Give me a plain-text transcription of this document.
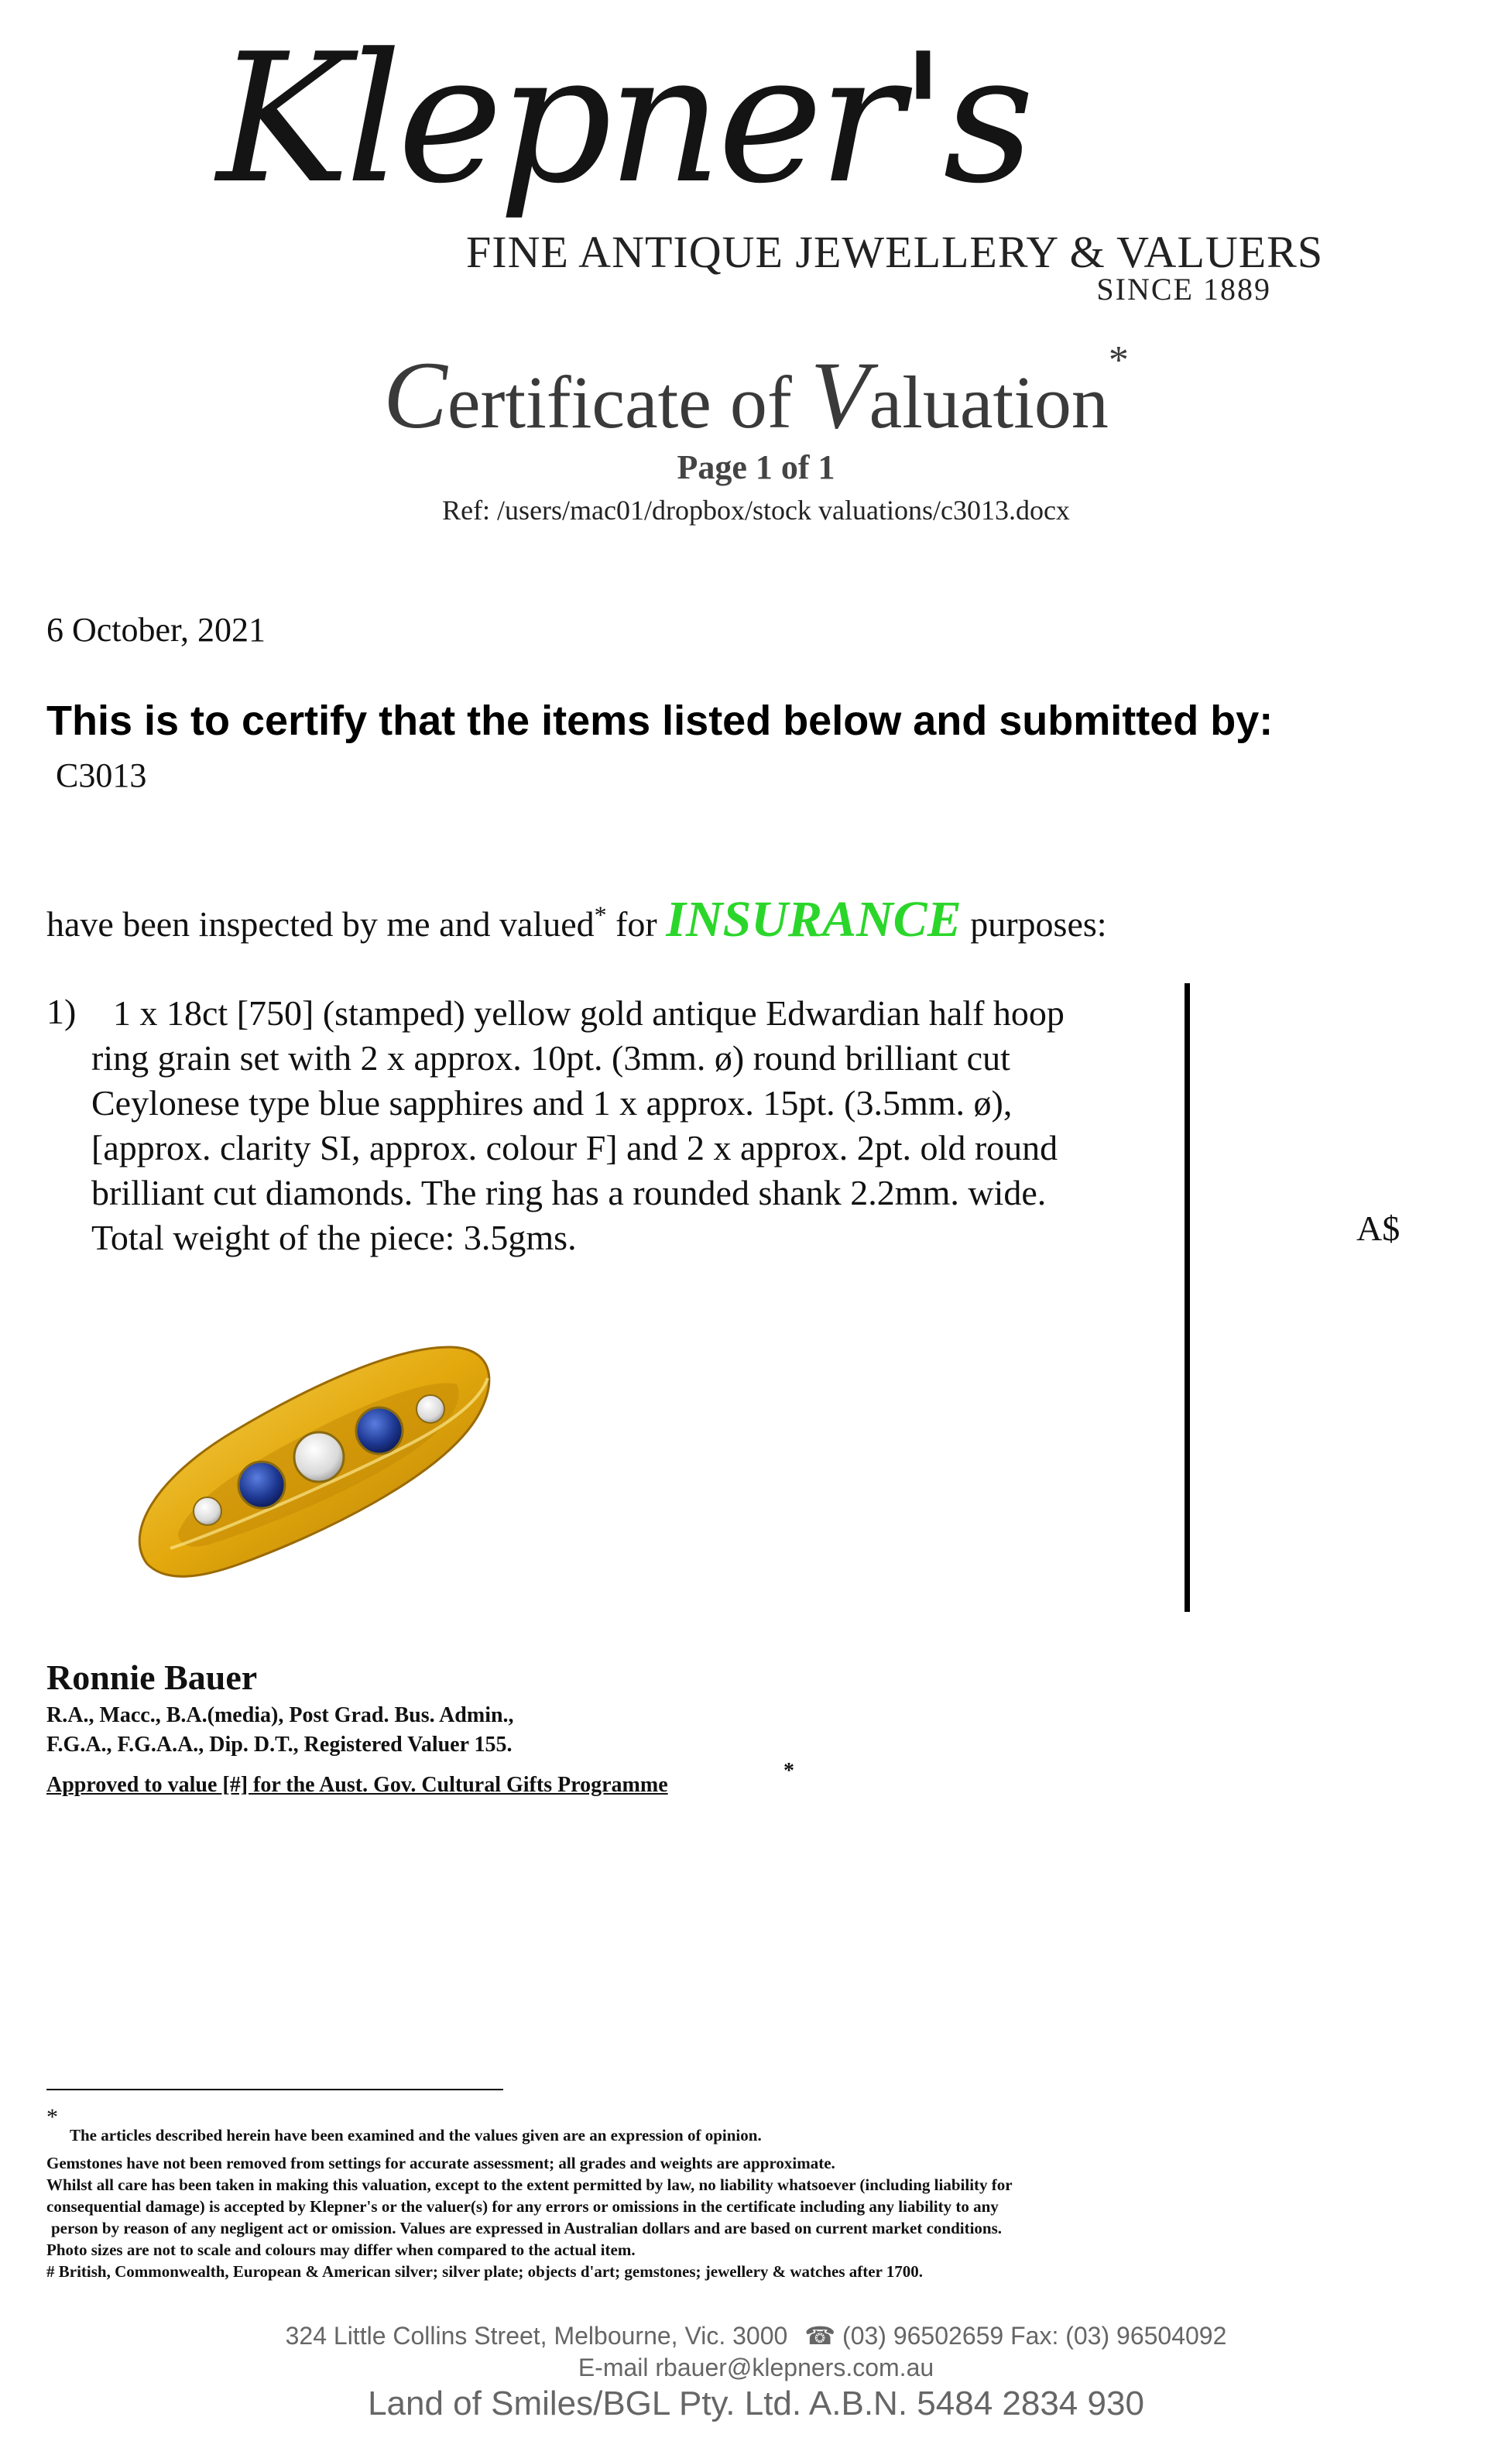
Klepner's
FINE ANTIQUE JEWELLERY & VALUERS
SINCE 1889
Certificate of Valuation*
Page 1 of 1
Ref: /users/mac01/dropbox/stock valuations/c3013.docx
6 October, 2021
This is to certify that the items listed below and submitted by:
C3013
have been inspected by me and valued* for INSURANCE purposes:
1) 1 x 18ct [750] (stamped) yellow gold antique Edwardian half hoop
ring grain set with 2 x approx. 10pt. (3mm. ø) round brilliant cut
Ceylonese type blue sapphires and 1 x approx. 15pt. (3.5mm. ø),
[approx. clarity SI, approx. colour F] and 2 x approx. 2pt. old round
brilliant cut diamonds. The ring has a rounded shank 2.2mm. wide.
Total weight of the piece: 3.5gms.	A$
Ronnie Bauer
R.A., Macc., B.A.(media), Post Grad. Bus. Admin.,
F.G.A., F.G.A.A., Dip. D.T., Registered Valuer 155.
Approved to value [#] for the Aust. Gov. Cultural Gifts Programme
*
*
The articles described herein have been examined and the values given are an expression of opinion.
Gemstones have not been removed from settings for accurate assessment; all grades and weights are approximate.
Whilst all care has been taken in making this valuation, except to the extent permitted by law, no liability whatsoever (including liability for
consequential damage) is accepted by Klepner's or the valuer(s) for any errors or omissions in the certificate including any liability to any
person by reason of any negligent act or omission. Values are expressed in Australian dollars and are based on current market conditions.
Photo sizes are not to scale and colours may differ when compared to the actual item.
# British, Commonwealth, European & American silver; silver plate; objects d'art; gemstones; jewellery & watches after 1700.
324 Little Collins Street, Melbourne, Vic. 3000 ☎ (03) 96502659 Fax: (03) 96504092
E-mail rbauer@klepners.com.au
Land of Smiles/BGL Pty. Ltd. A.B.N. 5484 2834 930
